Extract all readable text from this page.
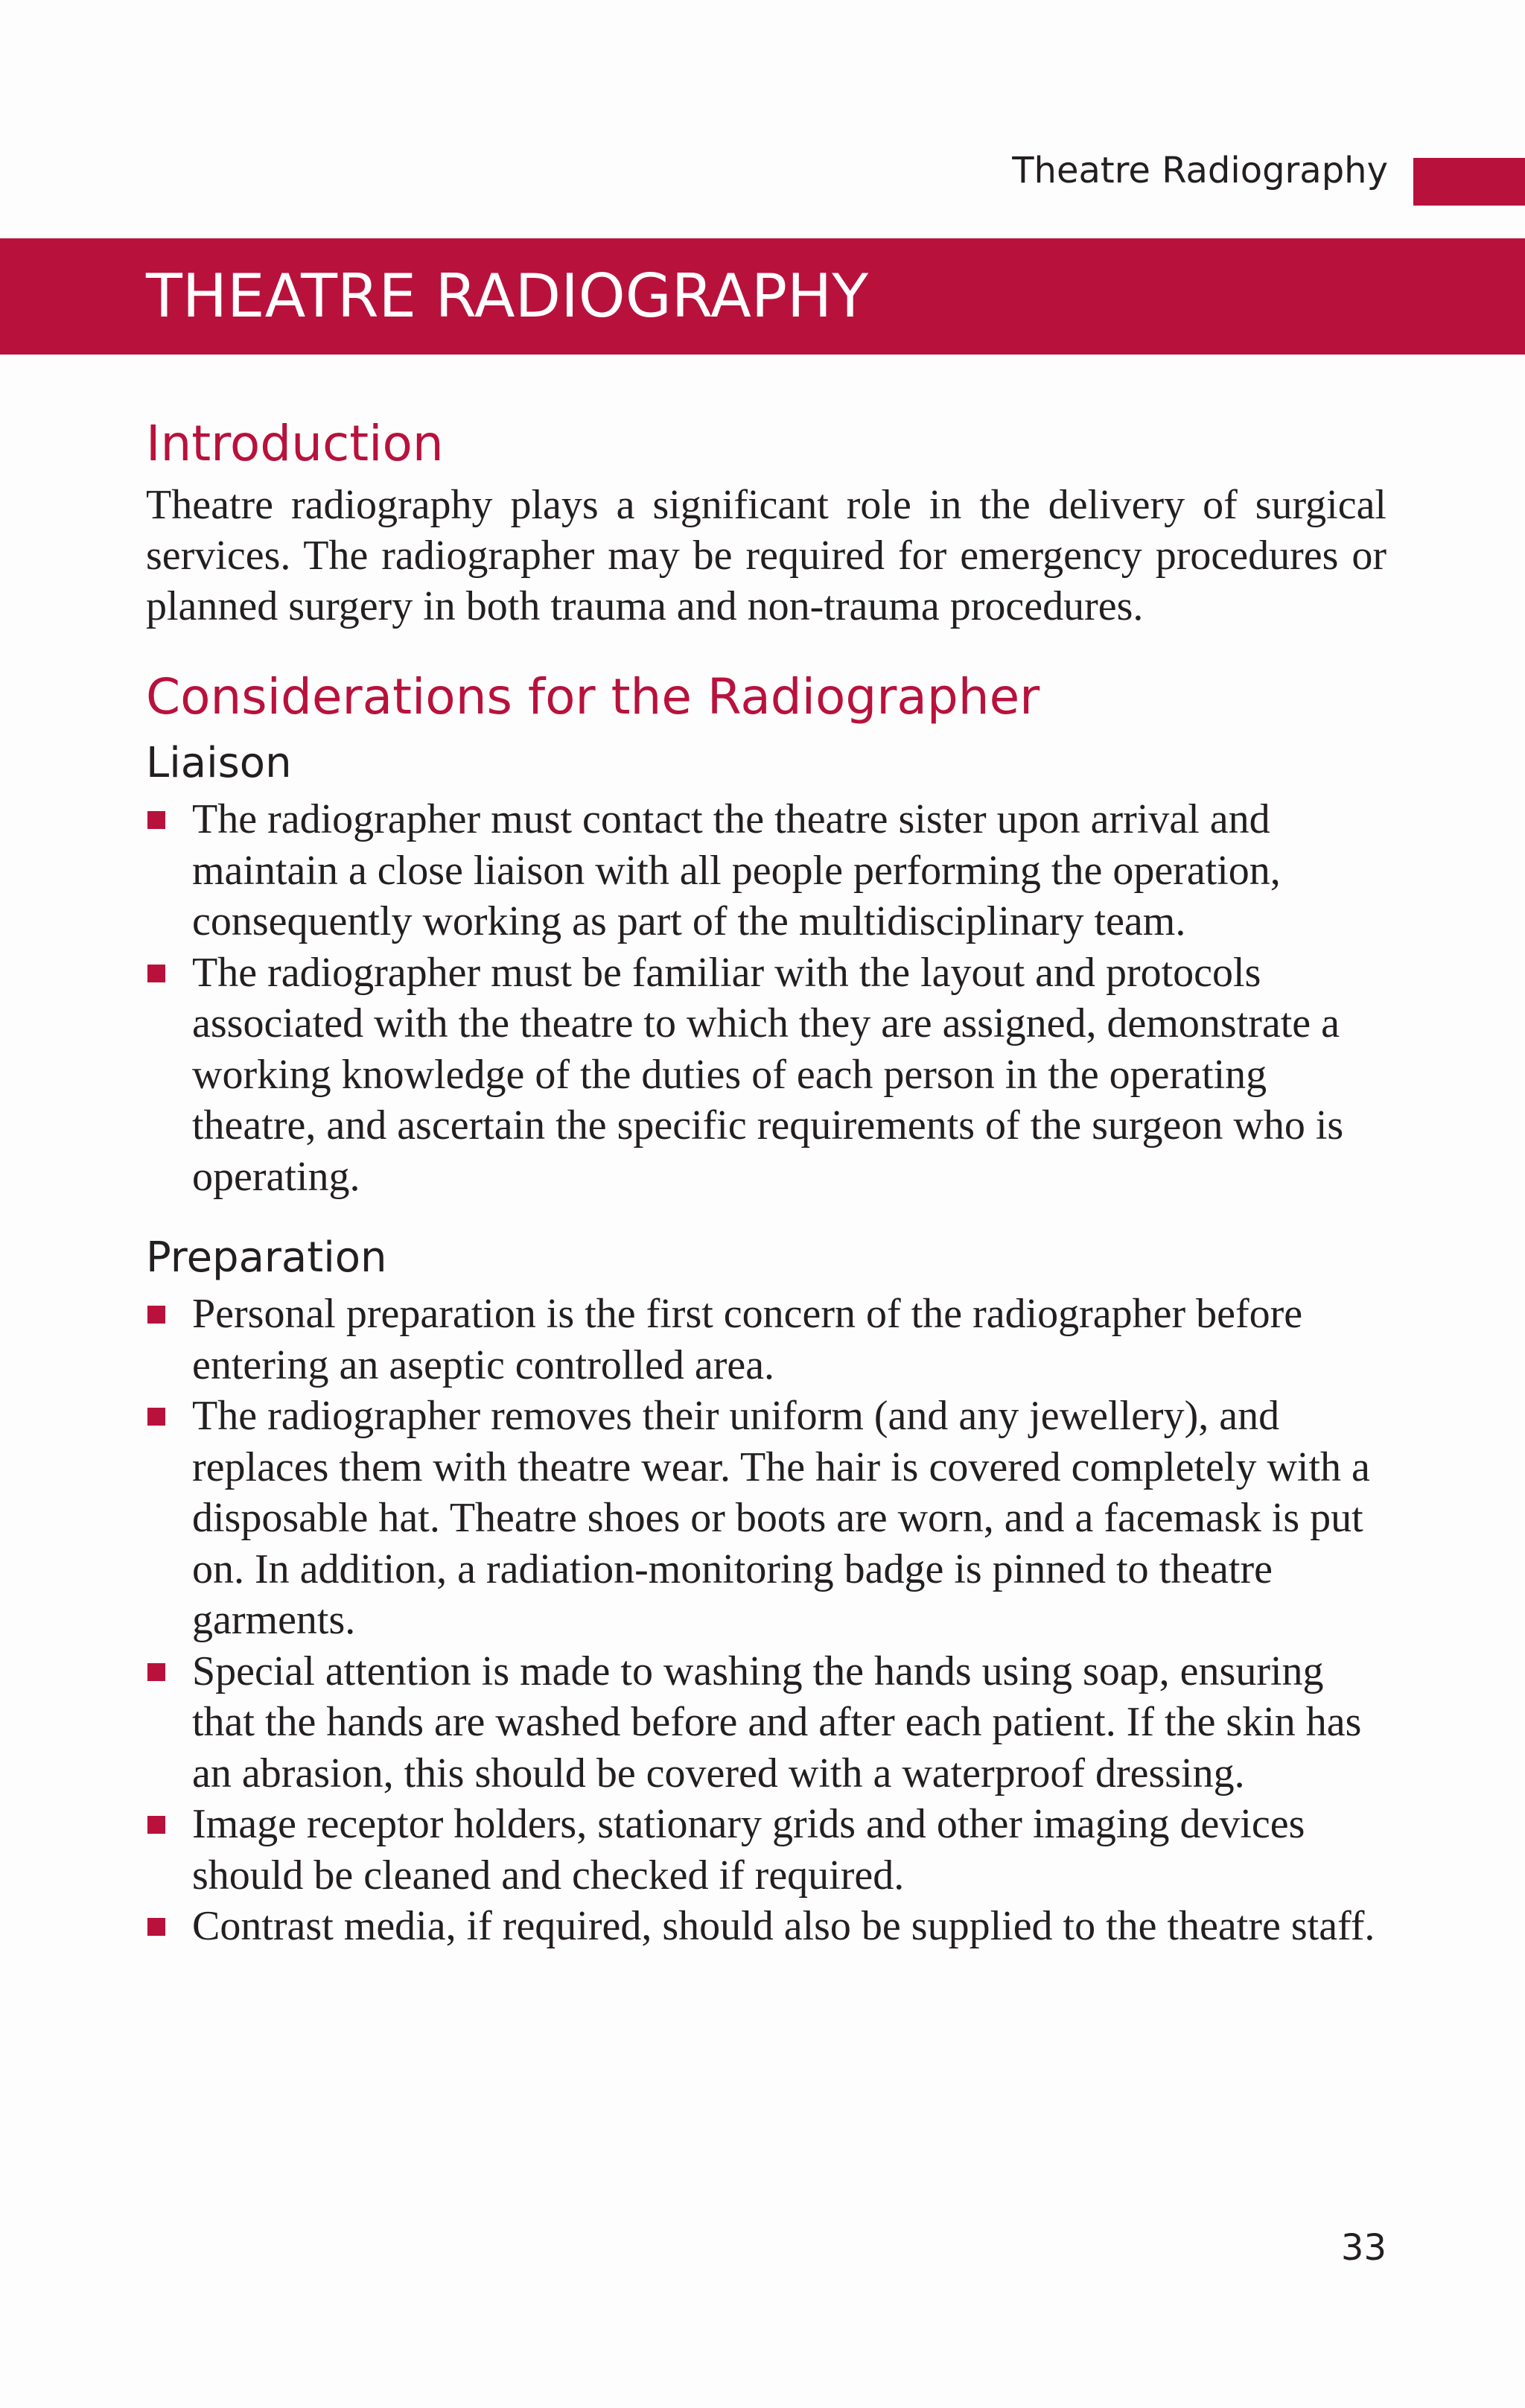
Theatre Radiography
THEATRE RADIOGRAPHY
Introduction

Theatre radiography plays a significant role in the delivery of surgical services. The radiographer may be required for emergency procedures or planned surgery in both trauma and non-trauma procedures.

Considerations for the Radiographer
Liaison
The radiographer must contact the theatre sister upon arrival and maintain a close liaison with all people performing the operation, consequently working as part of the multidisciplinary team.
The radiographer must be familiar with the layout and protocols associated with the theatre to which they are assigned, demonstrate a working knowledge of the duties of each person in the operating theatre, and ascertain the specific requirements of the surgeon who is operating.
Preparation
Personal preparation is the first concern of the radiographer before entering an aseptic controlled area.
The radiographer removes their uniform (and any jewellery), and replaces them with theatre wear. The hair is covered completely with a disposable hat. Theatre shoes or boots are worn, and a facemask is put on. In addition, a radiation-monitoring badge is pinned to theatre garments.
Special attention is made to washing the hands using soap, ensuring that the hands are washed before and after each patient. If the skin has an abrasion, this should be covered with a waterproof dressing.
Image receptor holders, stationary grids and other imaging devices should be cleaned and checked if required.
Contrast media, if required, should also be supplied to the theatre staff.
33
